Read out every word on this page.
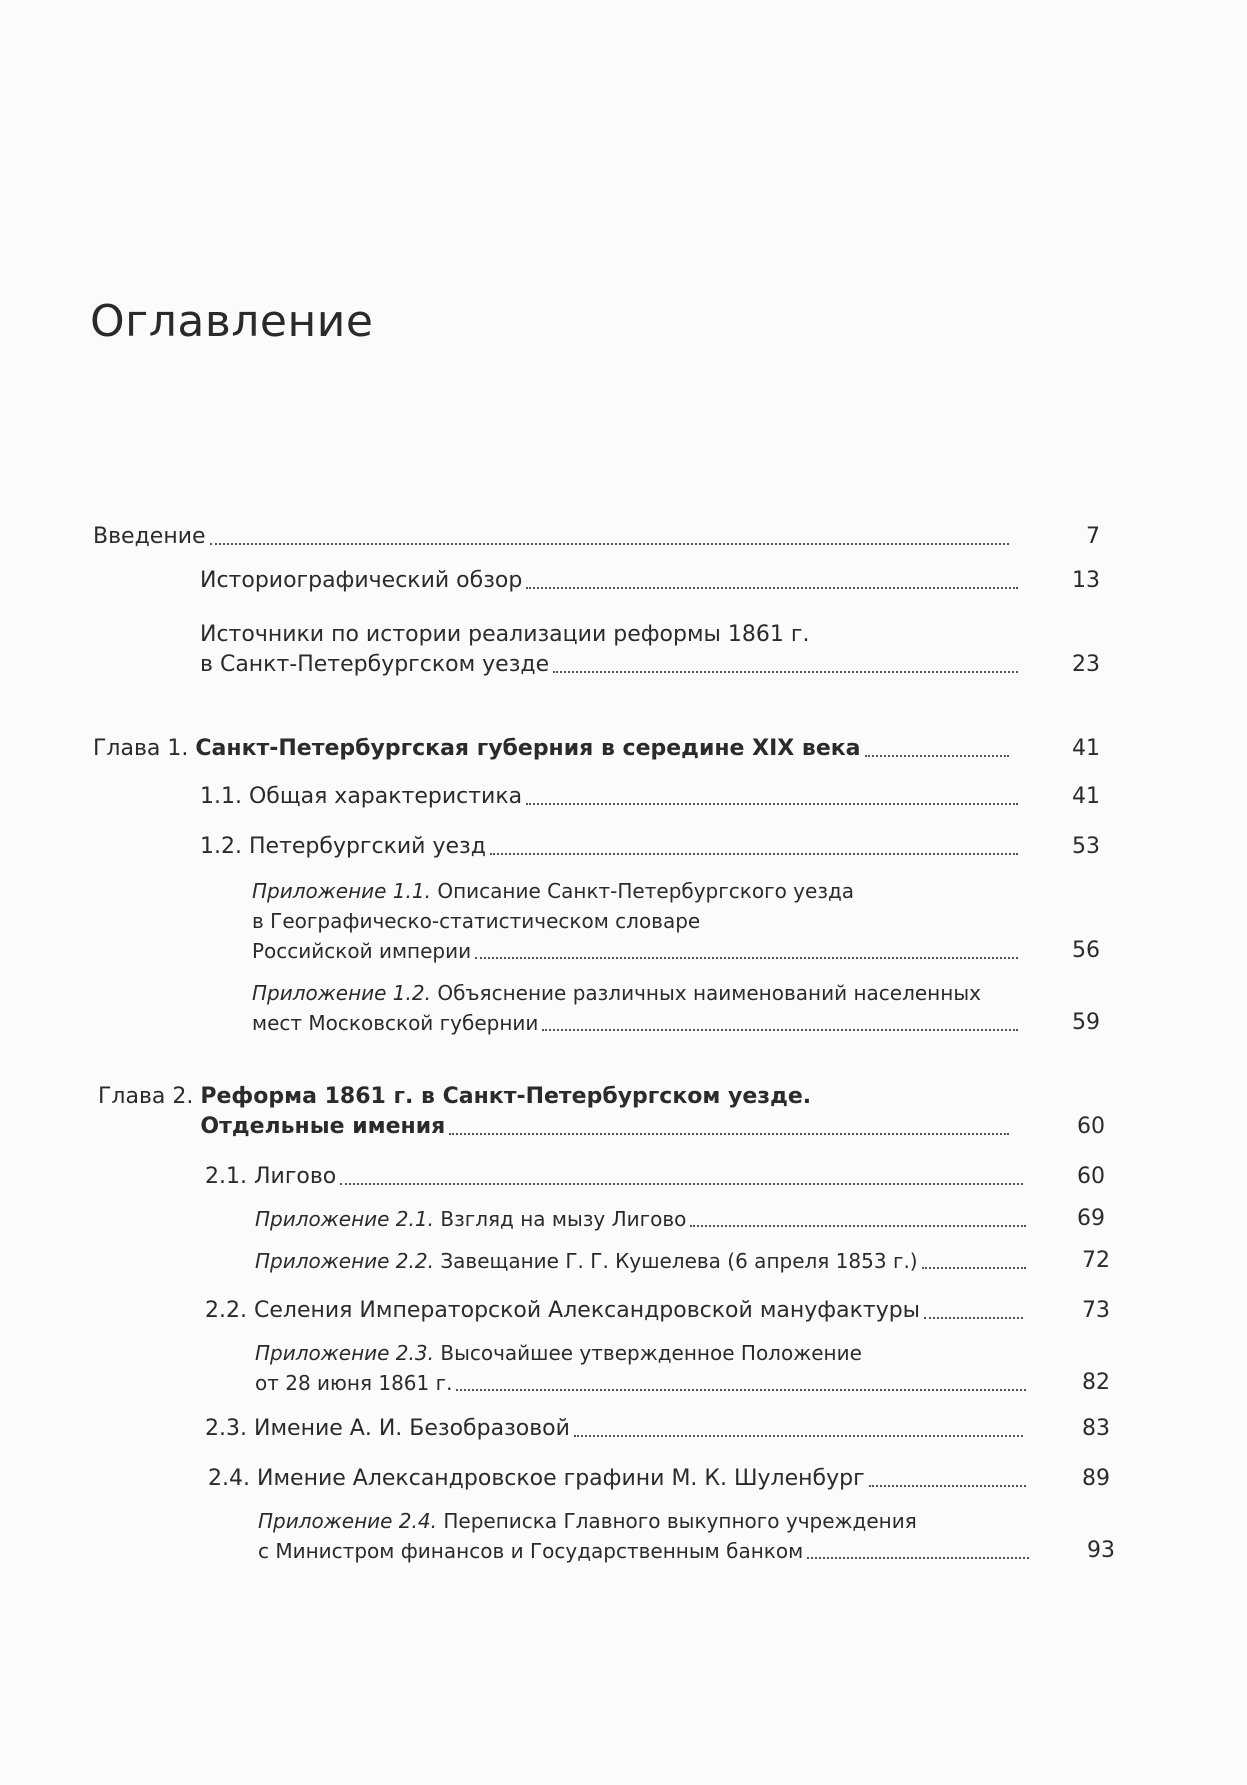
Оглавление
Введение	7
Историографический обзор	13
Источники по истории реализации реформы 1861 г.
в Санкт-Петербургском уезде	23
Глава 1.
Санкт-Петербургская губерния в середине XIX века	41
1.1.
Общая характеристика	41
1.2.
Петербургский уезд	53
Приложение 1.1. Описание Санкт-Петербургского уезда
в Географическо-статистическом словаре
Российской империи	56
Приложение 1.2. Объяснение различных наименований населенных
мест Московской губернии	59
Глава 2. Реформа 1861 г. в Санкт-Петербургском уезде.

Отдельные имения	60
2.1.
Лигово	60
Приложение 2.1.
Взгляд на мызу Лигово	69
Приложение 2.2.
Завещание Г. Г. Кушелева (6 апреля 1853 г.)	72
2.2.
Селения Императорской Александровской мануфактуры	73
Приложение 2.3. Высочайшее утвержденное Положение
от 28 июня 1861 г.	82
2.3.
Имение А. И. Безобразовой	83
2.4.
Имение Александровское графини М. К. Шуленбург	89
Приложение 2.4. Переписка Главного выкупного учреждения
с Министром финансов и Государственным банком	93
